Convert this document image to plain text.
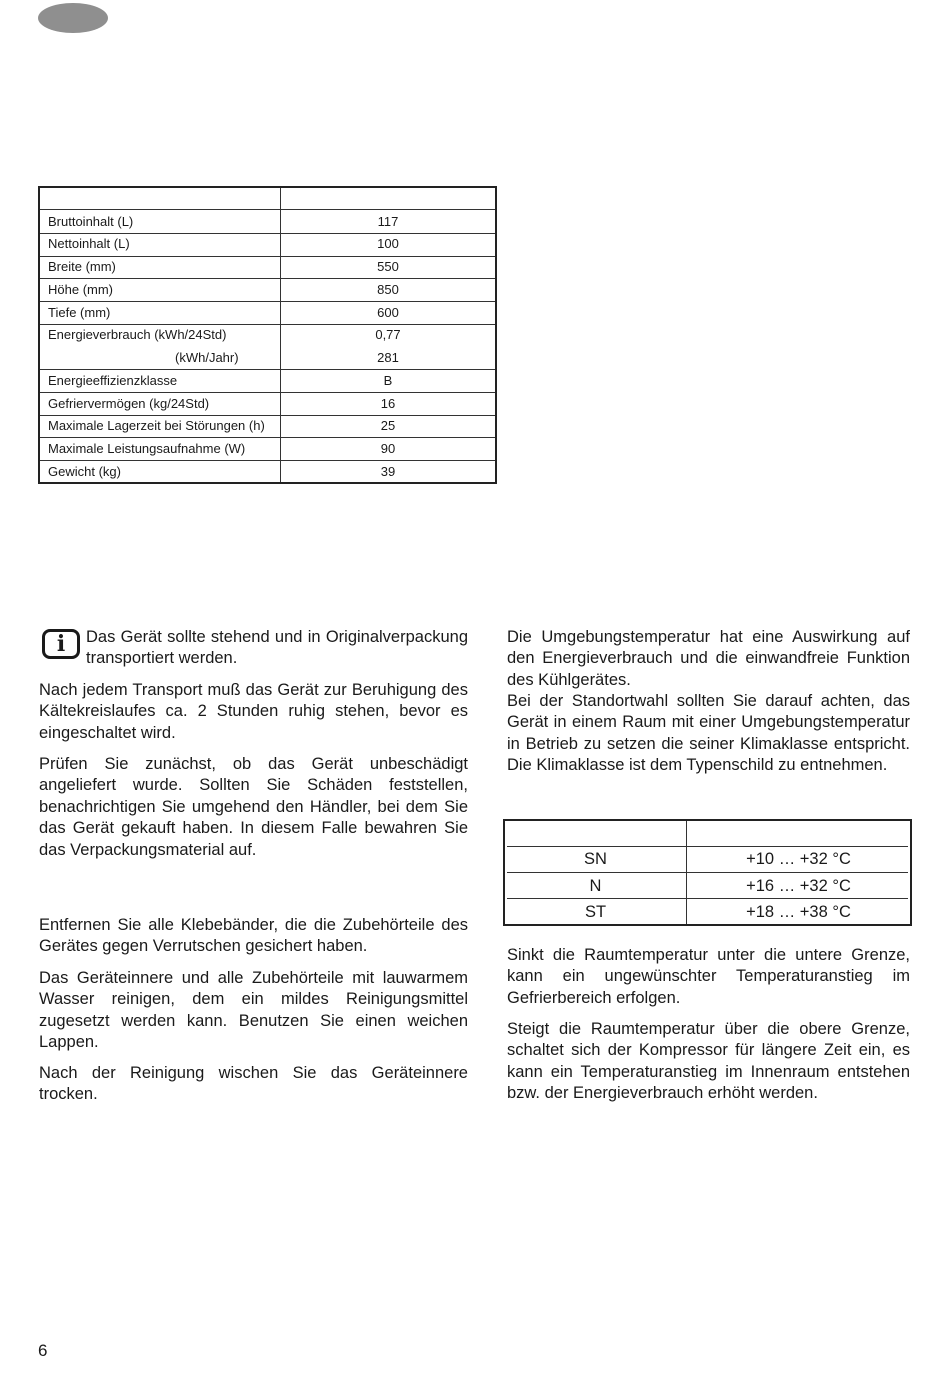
Bruttoinhalt (L)	117
Nettoinhalt (L)	100
Breite (mm)	550
Höhe (mm)	850
Tiefe (mm)	600
Energieverbrauch (kWh/24Std)	0,77
(kWh/Jahr)	281
Energieeffizienzklasse	B
Gefriervermögen (kg/24Std)	16
Maximale Lagerzeit bei Störungen (h)	25
Maximale Leistungsaufnahme (W)	90
Gewicht (kg)	39
i	Das Gerät sollte stehend und in Originalverpackung transportiert werden.

Nach jedem Transport muß das Gerät zur Beruhigung des Kältekreislaufes ca. 2 Stunden ruhig stehen, bevor es eingeschaltet wird.

Prüfen Sie zunächst, ob das Gerät unbeschädigt angeliefert wurde. Sollten Sie Schäden feststellen, benachrichtigen Sie umgehend den Händler, bei dem Sie das Gerät gekauft haben. In diesem Falle bewahren Sie das Verpackungsmaterial auf.

Entfernen Sie alle Klebebänder, die die Zubehörteile des Gerätes gegen Verrutschen gesichert haben.

Das Geräteinnere und alle Zubehörteile mit lauwarmem Wasser reinigen, dem ein mildes Reinigungsmittel zugesetzt werden kann. Benutzen Sie einen weichen Lappen.

Nach der Reinigung wischen Sie das Geräteinnere trocken.

Die Umgebungstemperatur hat eine Auswirkung auf den Energieverbrauch und die einwandfreie Funktion des Kühlgerätes.

Bei der Standortwahl sollten Sie darauf achten, das Gerät in einem Raum mit einer Umgebungstemperatur in Betrieb zu setzen die seiner Klimaklasse entspricht. Die Klimaklasse ist dem Typenschild zu entnehmen.

SN	+10 … +32 °C
N	+16 … +32 °C
ST	+18 … +38 °C

Sinkt die Raumtemperatur unter die untere Grenze, kann ein ungewünschter Temperaturanstieg im Gefrierbereich erfolgen.

Steigt die Raumtemperatur über die obere Grenze, schaltet sich der Kompressor für längere Zeit ein, es kann ein Temperaturanstieg im Innenraum entstehen bzw. der Energieverbrauch erhöht werden.

6
